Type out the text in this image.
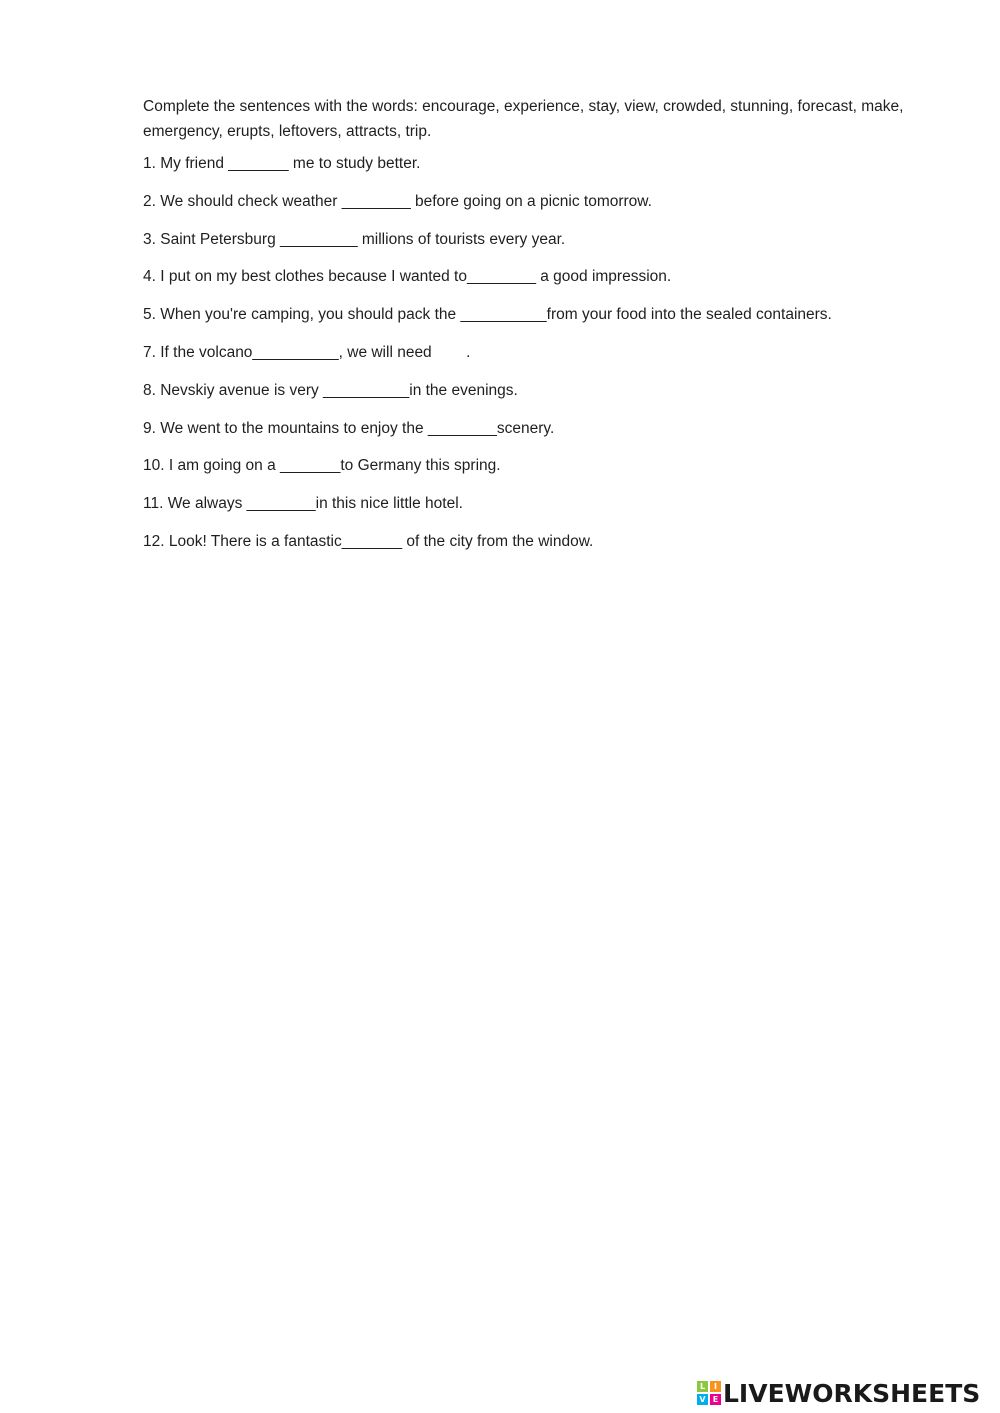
Complete the sentences with the words: encourage, experience, stay, view, crowded, stunning, forecast, make, emergency, erupts, leftovers, attracts, trip.

1. My friend _______ me to study better.
2. We should check weather ________ before going on a picnic tomorrow.
3. Saint Petersburg _________ millions of tourists every year.
4. I put on my best clothes because I wanted to________ a good impression.
5. When you're camping, you should pack the __________from your food into the sealed containers.
7. If the volcano__________, we will need        .
8. Nevskiy avenue is very __________in the evenings.
9. We went to the mountains to enjoy the ________scenery.
10. I am going on a _______to Germany this spring.
11. We always ________in this nice little hotel.
12. Look! There is a fantastic_______ of the city from the window.
L	I
V E LIVEWORKSHEETS
